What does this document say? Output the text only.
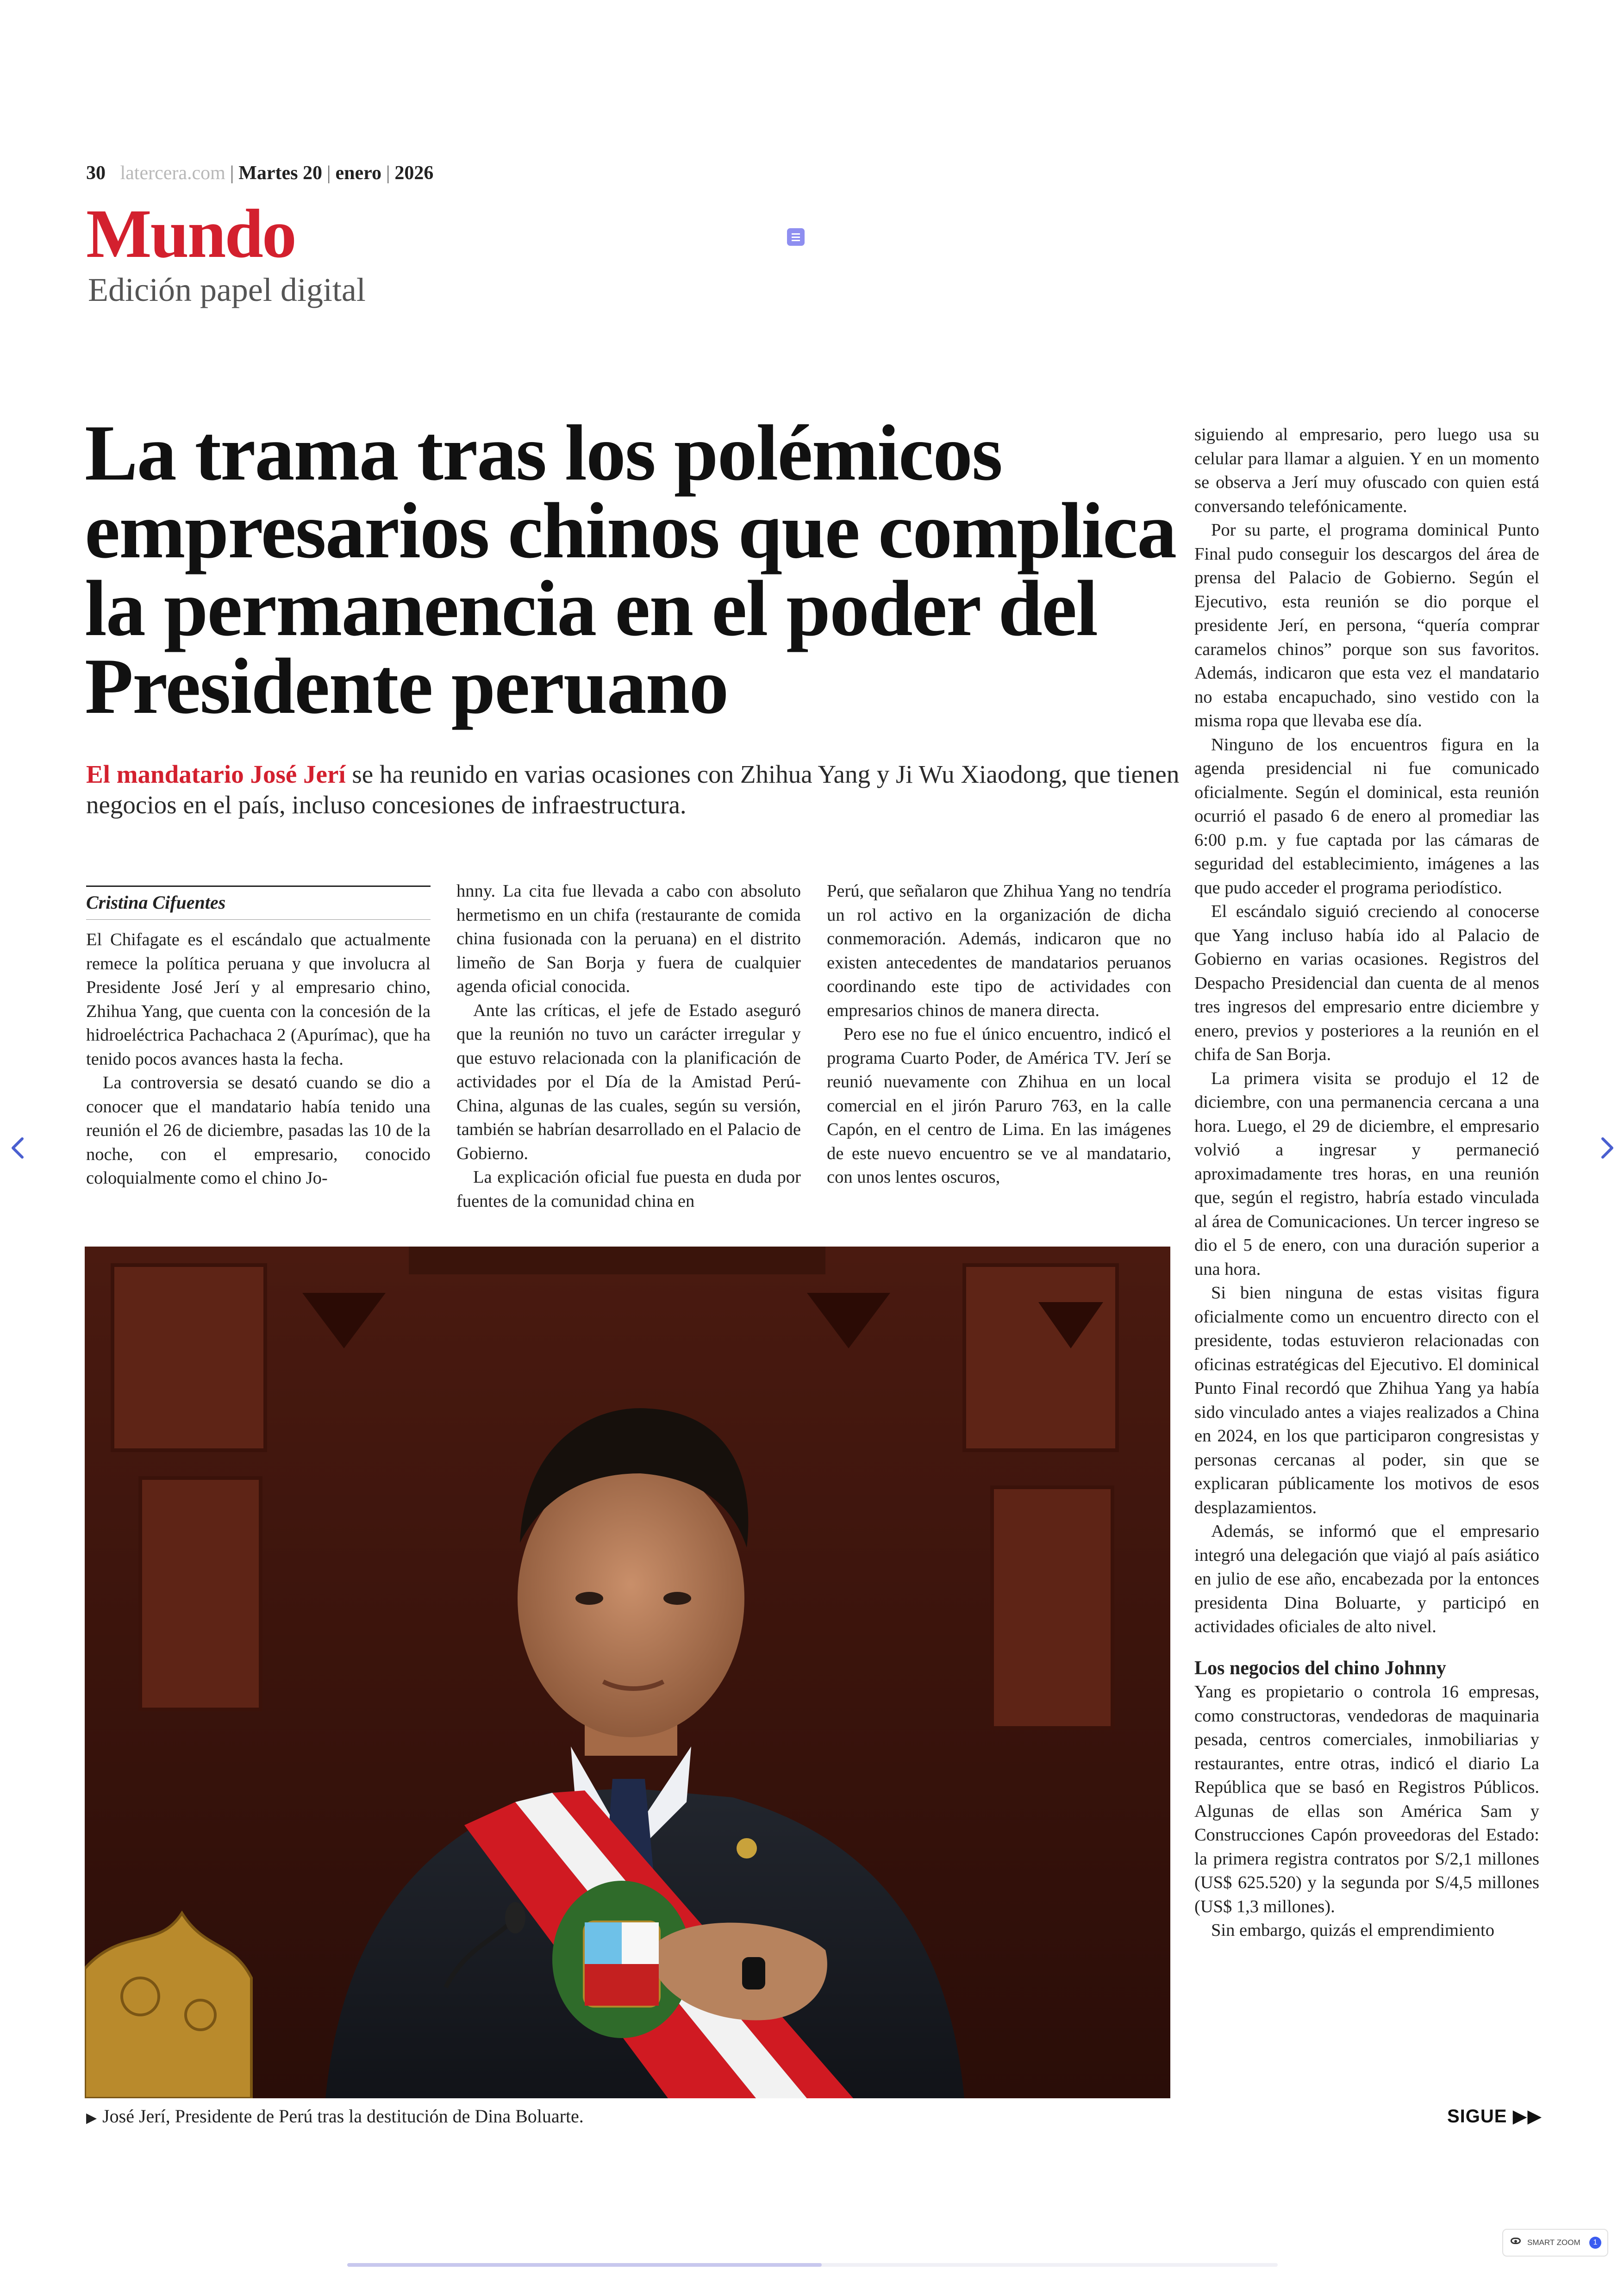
30 latercera.com | Martes 20 | enero | 2026
Mundo
Edición papel digital
La trama tras los polémicos empresarios chinos que complica la permanencia en el poder del Presidente peruano
El mandatario José Jerí se ha reunido en varias ocasiones con Zhihua Yang y Ji Wu Xiaodong, que tienen negocios en el país, incluso concesiones de infraestructura.
Cristina Cifuentes

El Chifagate es el escándalo que actualmente remece la política peruana y que involucra al Presidente José Jerí y al empresario chino, Zhihua Yang, que cuenta con la concesión de la hidroeléctrica Pachachaca 2 (Apurímac), que ha tenido pocos avances hasta la fecha.

La controversia se desató cuando se dio a conocer que el mandatario había tenido una reunión el 26 de diciembre, pasadas las 10 de la noche, con el empresario, conocido coloquialmente como el chino Jo-

hnny. La cita fue llevada a cabo con absoluto hermetismo en un chifa (restaurante de comida china fusionada con la peruana) en el distrito limeño de San Borja y fuera de cualquier agenda oficial conocida.

Ante las críticas, el jefe de Estado aseguró que la reunión no tuvo un carácter irregular y que estuvo relacionada con la planificación de actividades por el Día de la Amistad Perú-China, algunas de las cuales, según su versión, también se habrían desarrollado en el Palacio de Gobierno.

La explicación oficial fue puesta en duda por fuentes de la comunidad china en

Perú, que señalaron que Zhihua Yang no tendría un rol activo en la organización de dicha conmemoración. Además, indicaron que no existen antecedentes de mandatarios peruanos coordinando este tipo de actividades con empresarios chinos de manera directa.

Pero ese no fue el único encuentro, indicó el programa Cuarto Poder, de América TV. Jerí se reunió nuevamente con Zhihua en un local comercial en el jirón Paruro 763, en la calle Capón, en el centro de Lima. En las imágenes de este nuevo encuentro se ve al mandatario, con unos lentes oscuros,

siguiendo al empresario, pero luego usa su celular para llamar a alguien. Y en un momento se observa a Jerí muy ofuscado con quien está conversando telefónicamente.

Por su parte, el programa dominical Punto Final pudo conseguir los descargos del área de prensa del Palacio de Gobierno. Según el Ejecutivo, esta reunión se dio porque el presidente Jerí, en persona, “quería comprar caramelos chinos” porque son sus favoritos. Además, indicaron que esta vez el mandatario no estaba encapuchado, sino vestido con la misma ropa que llevaba ese día.

Ninguno de los encuentros figura en la agenda presidencial ni fue comunicado oficialmente. Según el dominical, esta reunión ocurrió el pasado 6 de enero al promediar las 6:00 p.m. y fue captada por las cámaras de seguridad del establecimiento, imágenes a las que pudo acceder el programa periodístico.

El escándalo siguió creciendo al conocerse que Yang incluso había ido al Palacio de Gobierno en varias ocasiones. Registros del Despacho Presidencial dan cuenta de al menos tres ingresos del empresario entre diciembre y enero, previos y posteriores a la reunión en el chifa de San Borja.

La primera visita se produjo el 12 de diciembre, con una permanencia cercana a una hora. Luego, el 29 de diciembre, el empresario volvió a ingresar y permaneció aproximadamente tres horas, en una reunión que, según el registro, habría estado vinculada al área de Comunicaciones. Un tercer ingreso se dio el 5 de enero, con una duración superior a una hora.

Si bien ninguna de estas visitas figura oficialmente como un encuentro directo con el presidente, todas estuvieron relacionadas con oficinas estratégicas del Ejecutivo. El dominical Punto Final recordó que Zhihua Yang ya había sido vinculado antes a viajes realizados a China en 2024, en los que participaron congresistas y personas cercanas al poder, sin que se explicaran públicamente los motivos de esos desplazamientos.

Además, se informó que el empresario integró una delegación que viajó al país asiático en julio de ese año, encabezada por la entonces presidenta Dina Boluarte, y participó en actividades oficiales de alto nivel.

Los negocios del chino Johnny

Yang es propietario o controla 16 empresas, como constructoras, vendedoras de maquinaria pesada, centros comerciales, inmobiliarias y restaurantes, entre otras, indicó el diario La República que se basó en Registros Públicos. Algunas de ellas son América Sam y Construcciones Capón proveedoras del Estado: la primera registra contratos por S/2,1 millones (US$ 625.520) y la segunda por S/4,5 millones (US$ 1,3 millones).

Sin embargo, quizás el emprendimiento

▶ José Jerí, Presidente de Perú tras la destitución de Dina Boluarte.	SIGUE ▶▶
SMART ZOOM	1
